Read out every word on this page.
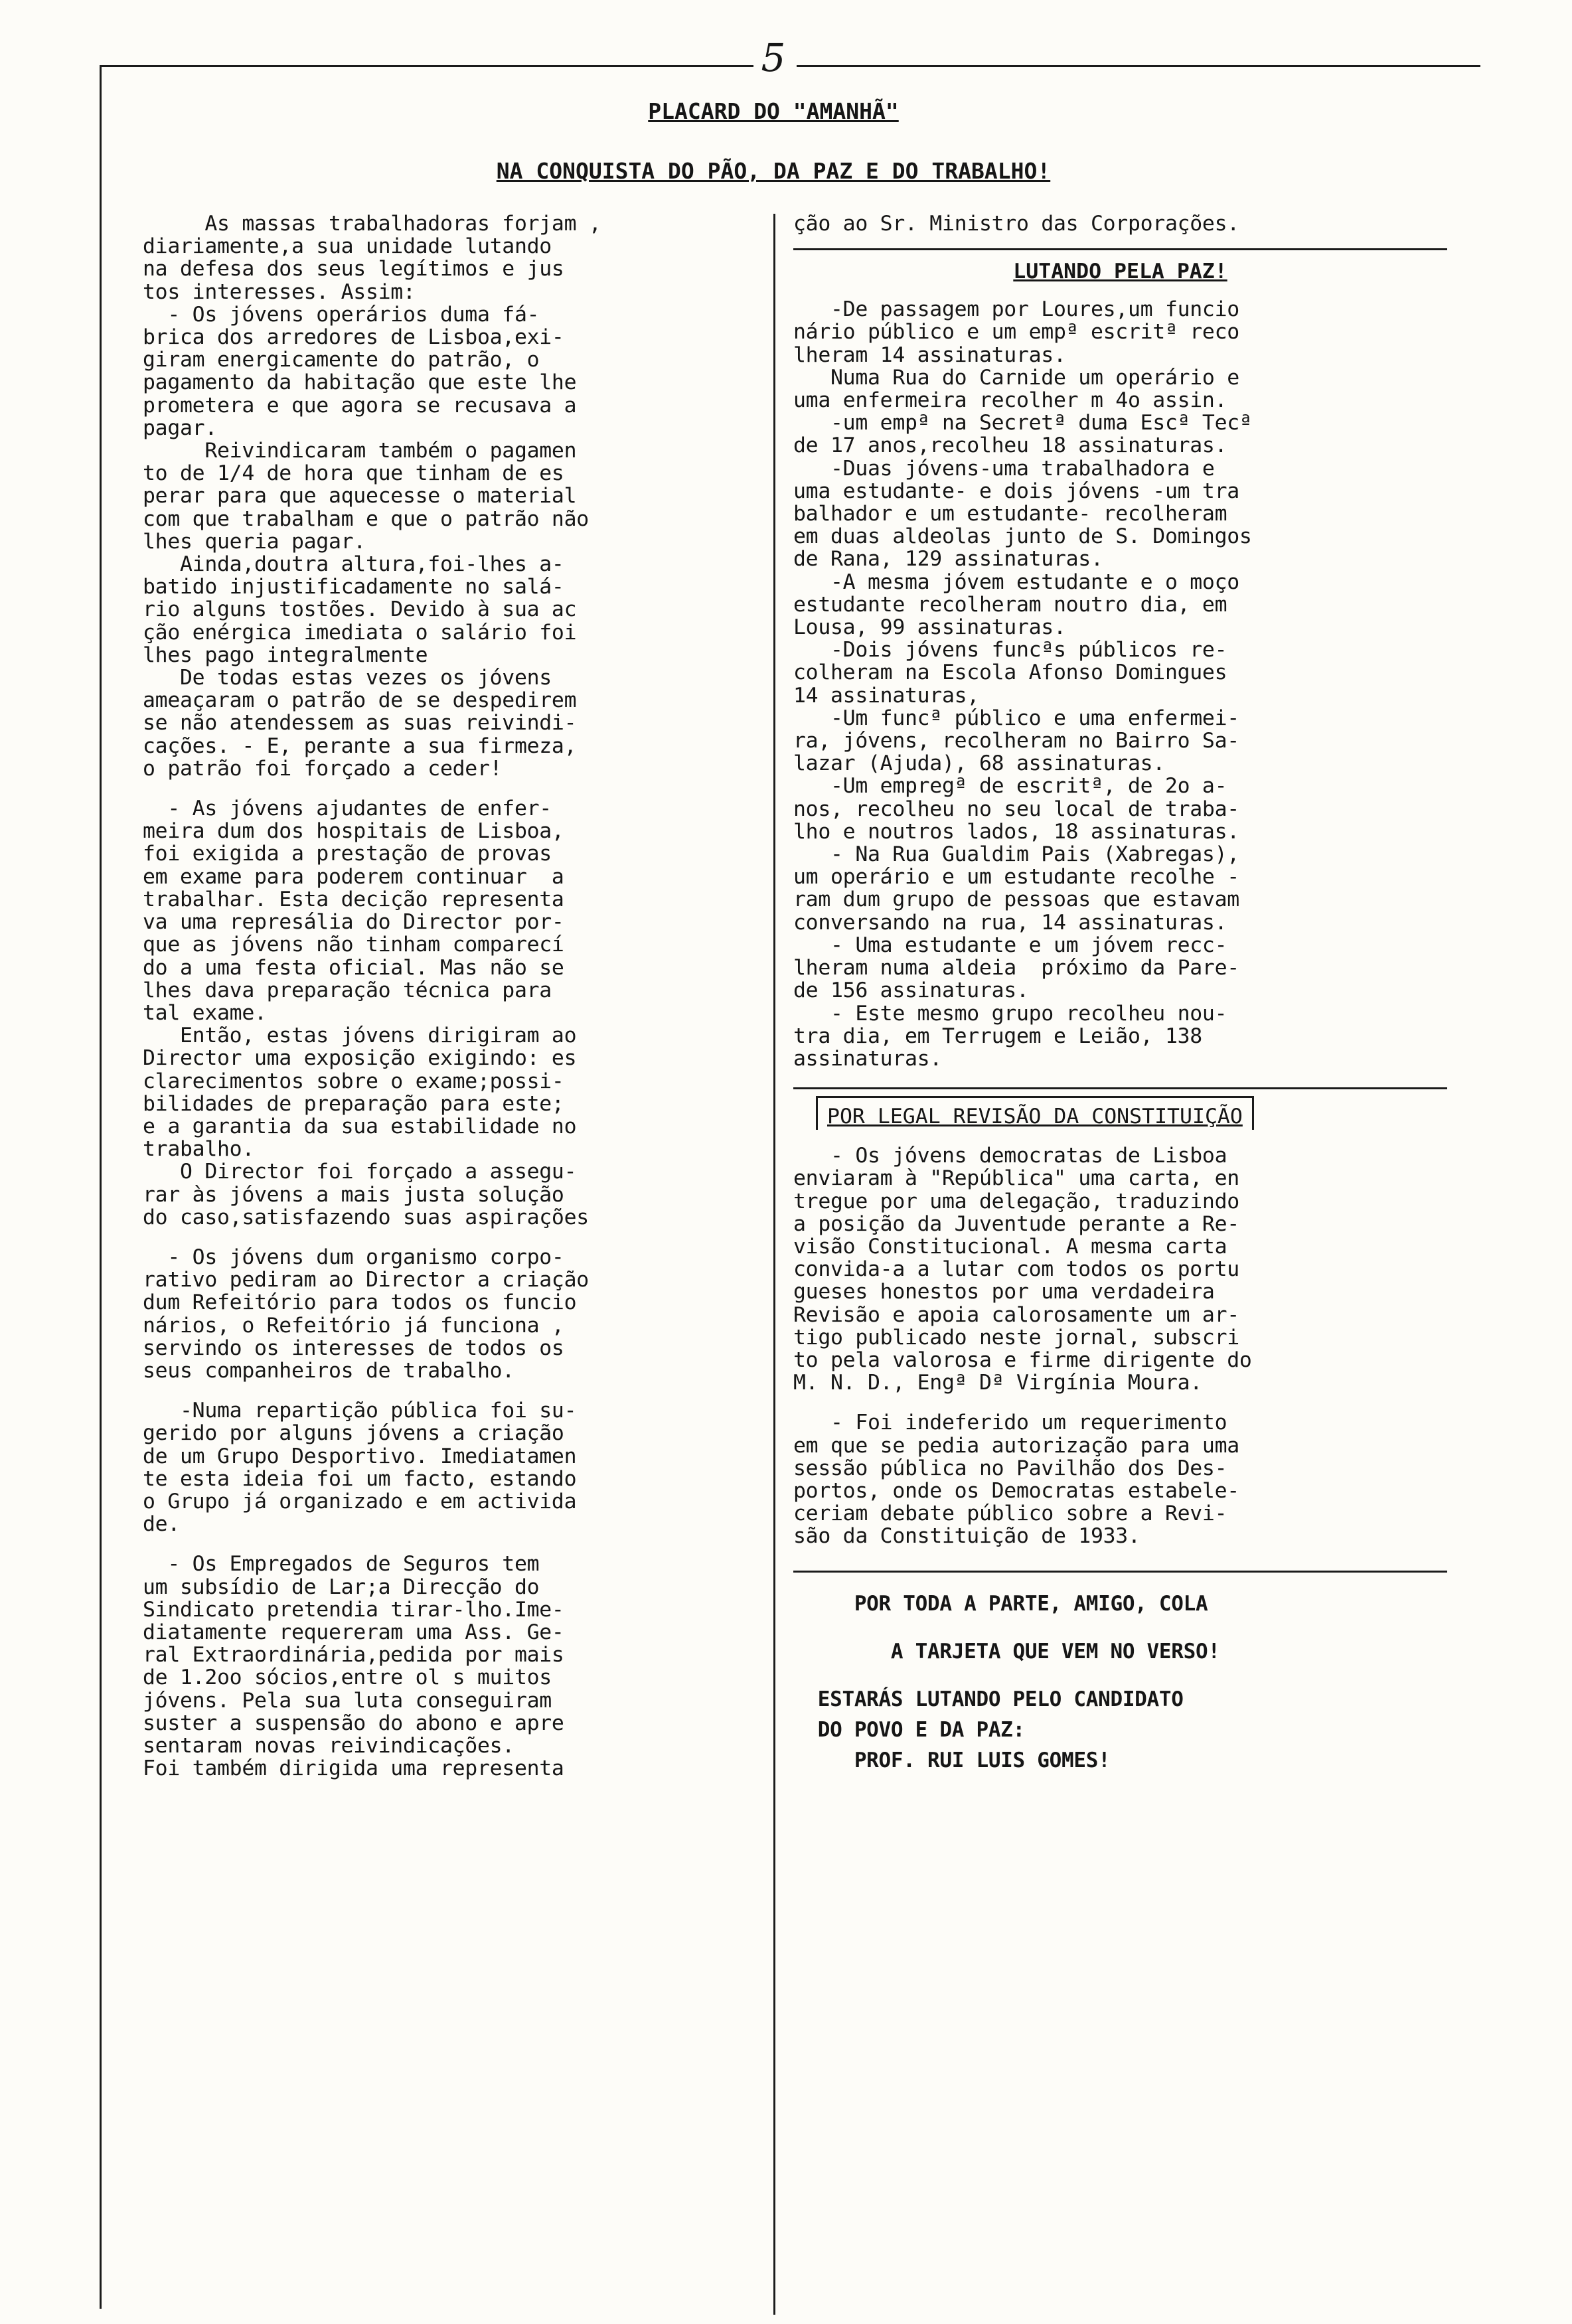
5
PLACARD DO "AMANHÃ"
NA CONQUISTA DO PÃO, DA PAZ E DO TRABALHO!

As massas trabalhadoras forjam ,

diariamente,a sua unidade lutando

na defesa dos seus legítimos e jus

tos interesses. Assim:

- Os jóvens operários duma fá-

brica dos arredores de Lisboa,exi-

giram energicamente do patrão, o

pagamento da habitação que este lhe

prometera e que agora se recusava a

pagar.

Reivindicaram também o pagamen

to de 1/4 de hora que tinham de es

perar para que aquecesse o material

com que trabalham e que o patrão não

lhes queria pagar.

Ainda,doutra altura,foi-lhes a-

batido injustificadamente no salá-

rio alguns tostões. Devido à sua ac

ção enérgica imediata o salário foi

lhes pago integralmente

De todas estas vezes os jóvens

ameaçaram o patrão de se despedirem

se não atendessem as suas reivindi-

cações. - E, perante a sua firmeza,

o patrão foi forçado a ceder!

- As jóvens ajudantes de enfer-

meira dum dos hospitais de Lisboa,

foi exigida a prestação de provas

em exame para poderem continuar  a

trabalhar. Esta decição representa

va uma represália do Director por-

que as jóvens não tinham comparecí

do a uma festa oficial. Mas não se

lhes dava preparação técnica para

tal exame.

Então, estas jóvens dirigiram ao

Director uma exposição exigindo: es

clarecimentos sobre o exame;possi-

bilidades de preparação para este;

e a garantia da sua estabilidade no

trabalho.

O Director foi forçado a assegu-

rar às jóvens a mais justa solução

do caso,satisfazendo suas aspirações

- Os jóvens dum organismo corpo-

rativo pediram ao Director a criação

dum Refeitório para todos os funcio

nários, o Refeitório já funciona ,

servindo os interesses de todos os

seus companheiros de trabalho.

-Numa repartição pública foi su-

gerido por alguns jóvens a criação

de um Grupo Desportivo. Imediatamen

te esta ideia foi um facto, estando

o Grupo já organizado e em activida

de.

- Os Empregados de Seguros tem

um subsídio de Lar;a Direcção do

Sindicato pretendia tirar-lho.Ime-

diatamente requereram uma Ass. Ge-

ral Extraordinária,pedida por mais

de 1.2oo sócios,entre ol s muitos

jóvens. Pela sua luta conseguiram

suster a suspensão do abono e apre

sentaram novas reivindicações.

Foi também dirigida uma representa

ção ao Sr. Ministro das Corporações.

LUTANDO PELA PAZ!

-De passagem por Loures,um funcio

nário público e um empª escritª reco

lheram 14 assinaturas.

Numa Rua do Carnide um operário e

uma enfermeira recolher m 4o assin.

-um empª na Secretª duma Escª Tecª

de 17 anos,recolheu 18 assinaturas.

-Duas jóvens-uma trabalhadora e

uma estudante- e dois jóvens -um tra

balhador e um estudante- recolheram

em duas aldeolas junto de S. Domingos

de Rana, 129 assinaturas.

-A mesma jóvem estudante e o moço

estudante recolheram noutro dia, em

Lousa, 99 assinaturas.

-Dois jóvens funcªs públicos re-

colheram na Escola Afonso Domingues

14 assinaturas,

-Um funcª público e uma enfermei-

ra, jóvens, recolheram no Bairro Sa-

lazar (Ajuda), 68 assinaturas.

-Um empregª de escritª, de 2o a-

nos, recolheu no seu local de traba-

lho e noutros lados, 18 assinaturas.

- Na Rua Gualdim Pais (Xabregas),

um operário e um estudante recolhe -

ram dum grupo de pessoas que estavam

conversando na rua, 14 assinaturas.

- Uma estudante e um jóvem recc-

lheram numa aldeia  próximo da Pare-

de 156 assinaturas.

- Este mesmo grupo recolheu nou-

tra dia, em Terrugem e Leião, 138

assinaturas.

POR LEGAL REVISÃO DA CONSTITUIÇÃO

- Os jóvens democratas de Lisboa

enviaram à "República" uma carta, en

tregue por uma delegação, traduzindo

a posição da Juventude perante a Re-

visão Constitucional. A mesma carta

convida-a a lutar com todos os portu

gueses honestos por uma verdadeira

Revisão e apoia calorosamente um ar-

tigo publicado neste jornal, subscri

to pela valorosa e firme dirigente do

M. N. D., Engª Dª Virgínia Moura.

- Foi indeferido um requerimento

em que se pedia autorização para uma

sessão pública no Pavilhão dos Des-

portos, onde os Democratas estabele-

ceriam debate público sobre a Revi-

são da Constituição de 1933.

POR TODA A PARTE, AMIGO, COLA

A TARJETA QUE VEM NO VERSO!

ESTARÁS LUTANDO PELO CANDIDATO

DO POVO E DA PAZ:

PROF. RUI LUIS GOMES!
